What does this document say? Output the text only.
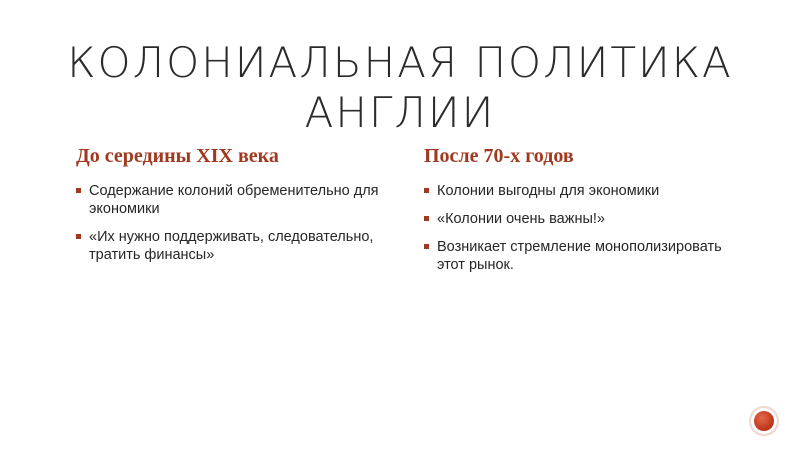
КОЛОНИАЛЬНАЯ ПОЛИТИКА
АНГЛИИ
До середины XIX века
Содержание колоний обременительно для экономики
«Их нужно поддерживать, следовательно, тратить финансы»
После 70-х годов
Колонии выгодны для экономики
«Колонии очень важны!»
Возникает стремление монополизировать этот рынок.
